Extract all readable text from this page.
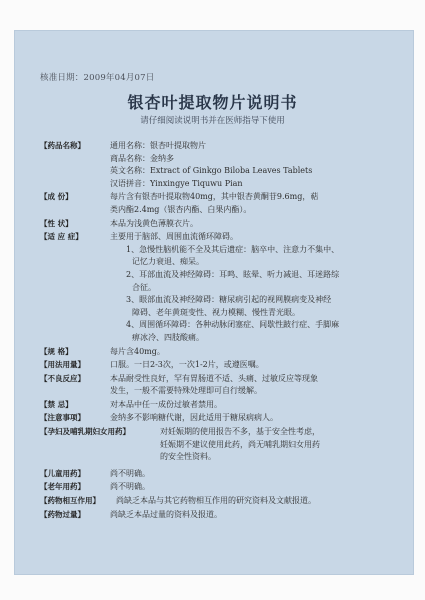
核准日期：2009年04月07日
银杏叶提取物片说明书
请仔细阅读说明书并在医师指导下使用
【药品名称】	通用名称：银杏叶提取物片
商品名称：金纳多
英文名称：Extract of Ginkgo Biloba Leaves Tablets
汉语拼音：Yinxingye Tiquwu Pian
【成 份】	每片含有银杏叶提取物40mg，其中银杏黄酮苷9.6mg，萜
类内酯2.4mg（银杏内酯、白果内酯）。
【性 状】	本品为浅黄色薄膜衣片。
【适 应 症】	主要用于脑部、周围血流循环障碍。
1、急慢性脑机能不全及其后遗症：脑卒中、注意力不集中、
记忆力衰退、痴呆。
2、耳部血流及神经障碍：耳鸣、眩晕、听力减退、耳迷路综
合征。
3、眼部血流及神经障碍：糖尿病引起的视网膜病变及神经
障碍、老年黄斑变性、视力模糊、慢性青光眼。
4、周围循环障碍：各种动脉闭塞症、间歇性跛行症、手脚麻
痹冰冷、四肢酸痛。
【规 格】	每片含40mg。
【用法用量】	口服。一日2-3次，一次1-2片，或遵医嘱。
【不良反应】	本品耐受性良好，罕有胃肠道不适、头痛、过敏反应等现象
发生，一般不需要特殊处理即可自行缓解。
【禁 忌】	对本品中任一成份过敏者禁用。
【注意事项】	金纳多不影响糖代谢，因此适用于糖尿病病人。
【孕妇及哺乳期妇女用药】	对妊娠期的使用报告不多，基于安全性考虑，
妊娠期不建议使用此药，尚无哺乳期妇女用药
的安全性资料。
【儿童用药】	尚不明确。
【老年用药】	尚不明确。
【药物相互作用】	尚缺乏本品与其它药物相互作用的研究资料及文献报道。
【药物过量】	尚缺乏本品过量的资料及报道。
